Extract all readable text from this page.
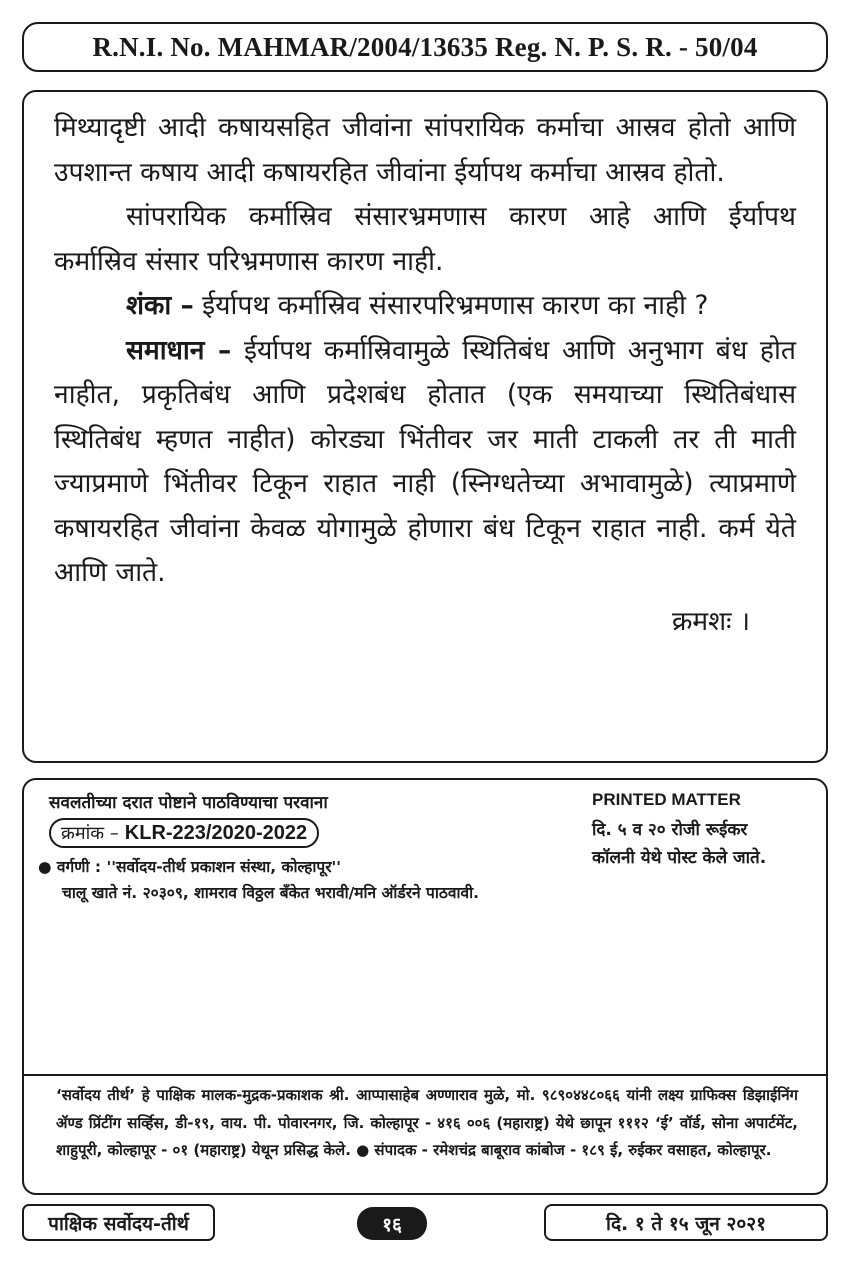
R.N.I. No. MAHMAR/2004/13635 Reg. N. P. S. R. - 50/04

मिथ्यादृष्टी आदी कषायसहित जीवांना सांपरायिक कर्माचा आस्रव होतो आणि उपशान्त कषाय आदी कषायरहित जीवांना ईर्यापथ कर्माचा आस्रव होतो.

सांपरायिक कर्मास्रिव संसारभ्रमणास कारण आहे आणि ईर्यापथ कर्मास्रिव संसार परिभ्रमणास कारण नाही.

शंका – ईर्यापथ कर्मास्रिव संसारपरिभ्रमणास कारण का नाही ?

समाधान – ईर्यापथ कर्मास्रिवामुळे स्थितिबंध आणि अनुभाग बंध होत नाहीत, प्रकृतिबंध आणि प्रदेशबंध होतात (एक समयाच्या स्थितिबंधास स्थितिबंध म्हणत नाहीत) कोरड्या भिंतीवर जर माती टाकली तर ती माती ज्याप्रमाणे भिंतीवर टिकून राहात नाही (स्निग्धतेच्या अभावामुळे) त्याप्रमाणे कषायरहित जीवांना केवळ योगामुळे होणारा बंध टिकून राहात नाही. कर्म येते आणि जाते.

क्रमशः ।
सवलतीच्या दरात पोष्टाने पाठविण्याचा परवाना
क्रमांक – KLR-223/2020-2022
● वर्गणी : ''सर्वोदय-तीर्थ प्रकाशन संस्था, कोल्हापूर''
चालू खाते नं. २०३०९, शामराव विठ्ठल बँकेत भरावी/मनि ऑर्डरने पाठवावी.
PRINTED MATTER
दि. ५ व २० रोजी रूईकर
कॉलनी येथे पोस्ट केले जाते.

‘सर्वोदय तीर्थ’ हे पाक्षिक मालक-मुद्रक-प्रकाशक श्री. आप्पासाहेब अण्णाराव मुळे, मो. ९८९०४४८०६६ यांनी लक्ष्य ग्राफिक्स डिझाईनिंग ॲण्ड प्रिंटींग सर्व्हिस, डी-१९, वाय. पी. पोवारनगर, जि. कोल्हापूर - ४१६ ००६ (महाराष्ट्र) येथे छापून १११२ ‘ई’ वॉर्ड, सोना अपार्टमेंट, शाहुपूरी, कोल्हापूर - ०१ (महाराष्ट्र) येथून प्रसिद्ध केले. ● संपादक - रमेशचंद्र बाबूराव कांबोज - १८९ ई, रुईकर वसाहत, कोल्हापूर.

पाक्षिक सर्वोदय-तीर्थ	१६	दि. १ ते १५ जून २०२१
